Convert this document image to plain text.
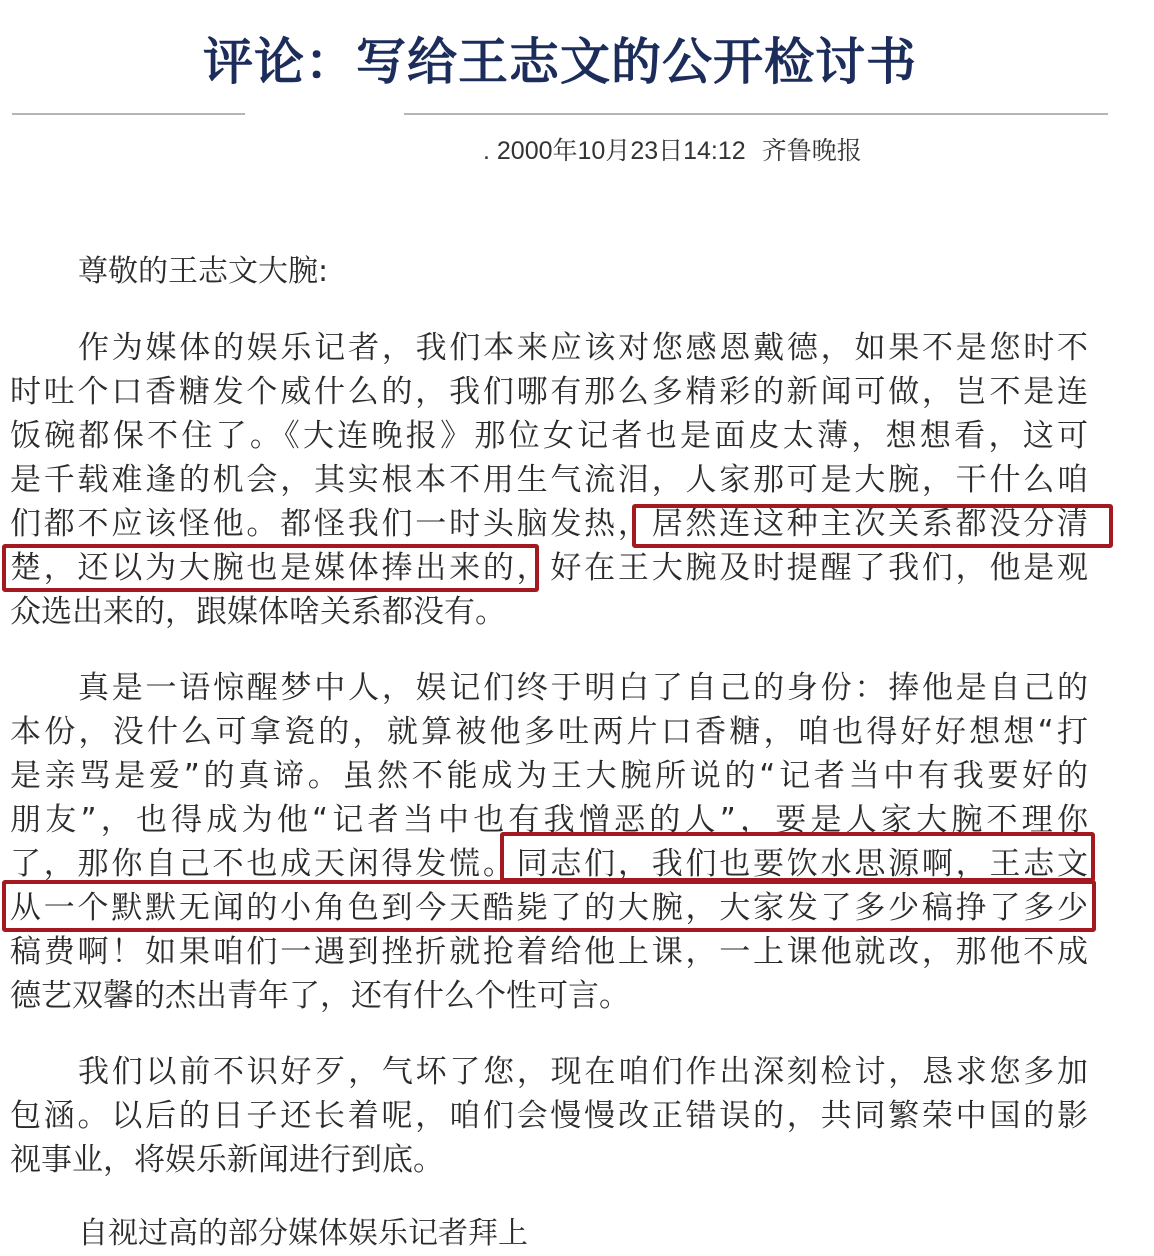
评论：写给王志文的公开检讨书
. 2000年10月23日14:12 齐鲁晚报
尊敬的王志文大腕:
作为媒体的娱乐记者，我们本来应该对您感恩戴德，如果不是您时不
时吐个口香糖发个威什么的，我们哪有那么多精彩的新闻可做，岂不是连
饭碗都保不住了。《大连晚报》那位女记者也是面皮太薄，想想看，这可
是千载难逢的机会，其实根本不用生气流泪，人家那可是大腕，干什么咱
们都不应该怪他。都怪我们一时头脑发热，居然连这种主次关系都没分清
楚，还以为大腕也是媒体捧出来的，好在王大腕及时提醒了我们，他是观
众选出来的，跟媒体啥关系都没有。
真是一语惊醒梦中人，娱记们终于明白了自己的身份：捧他是自己的
本份，没什么可拿瓷的，就算被他多吐两片口香糖，咱也得好好想想“打
是亲骂是爱”的真谛。虽然不能成为王大腕所说的“记者当中有我要好的
朋友”，也得成为他“记者当中也有我憎恶的人”，要是人家大腕不理你
了，那你自己不也成天闲得发慌。同志们，我们也要饮水思源啊，王志文
从一个默默无闻的小角色到今天酷毙了的大腕，大家发了多少稿挣了多少
稿费啊！如果咱们一遇到挫折就抢着给他上课，一上课他就改，那他不成
德艺双馨的杰出青年了，还有什么个性可言。
我们以前不识好歹，气坏了您，现在咱们作出深刻检讨，恳求您多加
包涵。以后的日子还长着呢，咱们会慢慢改正错误的，共同繁荣中国的影
视事业，将娱乐新闻进行到底。
自视过高的部分媒体娱乐记者拜上
